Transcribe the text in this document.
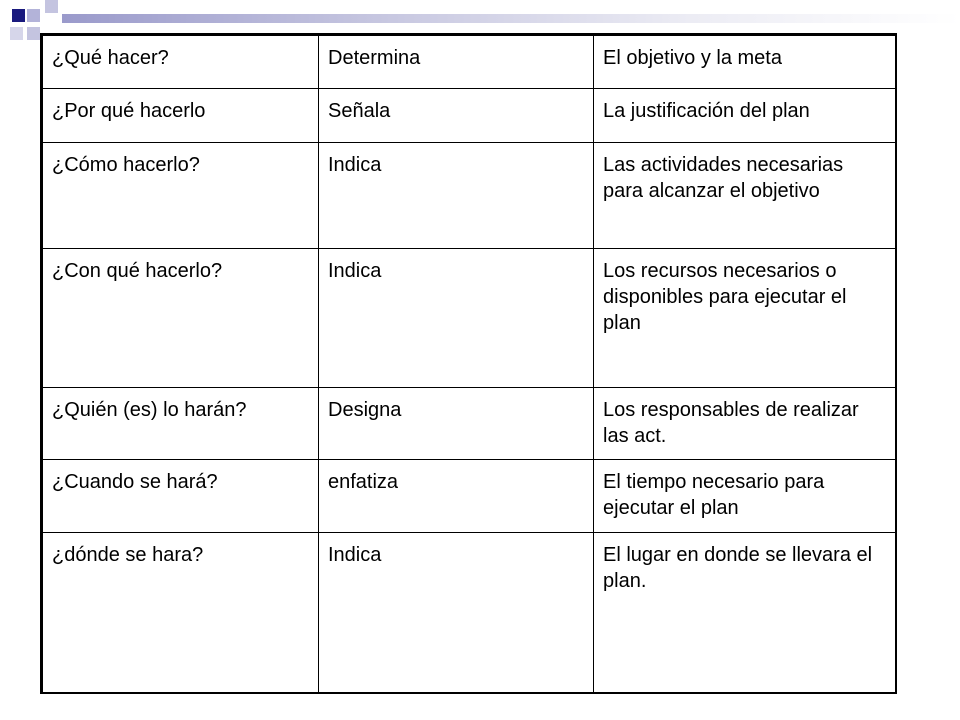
¿Qué hacer?	Determina	El objetivo y la meta
¿Por qué hacerlo	Señala	La justificación del plan
¿Cómo hacerlo?	Indica	Las actividades necesarias para alcanzar el objetivo
¿Con qué hacerlo?	Indica	Los recursos necesarios o disponibles para ejecutar el plan
¿Quién (es) lo harán?	Designa	Los responsables de realizar las act.
¿Cuando se hará?	enfatiza	El tiempo necesario para ejecutar el plan
¿dónde se hara?	Indica	El lugar en donde se llevara el plan.
